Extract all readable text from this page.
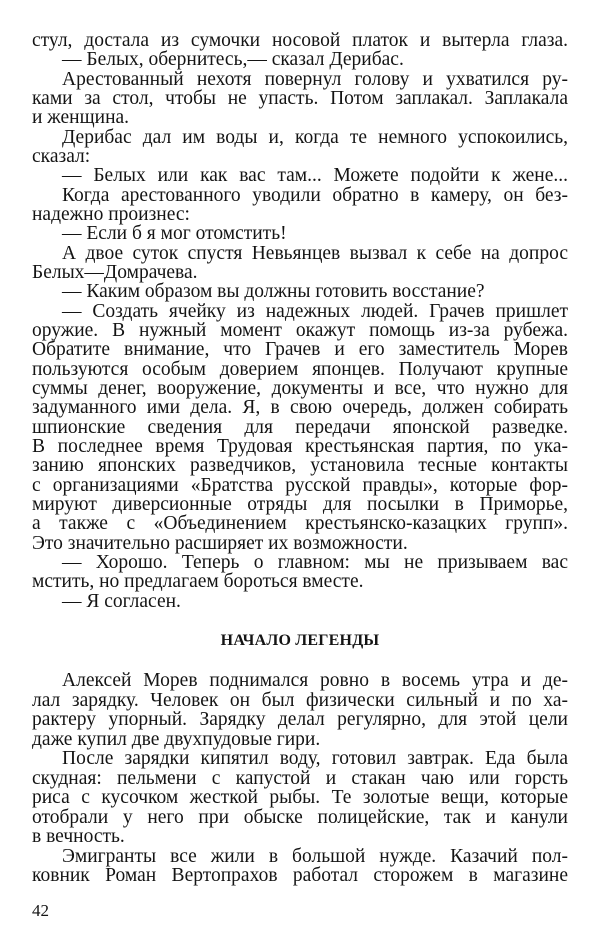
стул, достала из сумочки носовой платок и вытерла глаза.
— Белых, обернитесь,— сказал Дерибас.
Арестованный нехотя повернул голову и ухватился ру-
ками за стол, чтобы не упасть. Потом заплакал. Заплакала
и женщина.
Дерибас дал им воды и, когда те немного успокоились,
сказал:
— Белых или как вас там... Можете подойти к жене...
Когда арестованного уводили обратно в камеру, он без-
надежно произнес:
— Если б я мог отомстить!
А двое суток спустя Невьянцев вызвал к себе на допрос
Белых—Домрачева.
— Каким образом вы должны готовить восстание?
— Создать ячейку из надежных людей. Грачев пришлет
оружие. В нужный момент окажут помощь из-за рубежа.
Обратите внимание, что Грачев и его заместитель Морев
пользуются особым доверием японцев. Получают крупные
суммы денег, вооружение, документы и все, что нужно для
задуманного ими дела. Я, в свою очередь, должен собирать
шпионские сведения для передачи японской разведке.
В последнее время Трудовая крестьянская партия, по ука-
занию японских разведчиков, установила тесные контакты
с организациями «Братства русской правды», которые фор-
мируют диверсионные отряды для посылки в Приморье,
а также с «Объединением крестьянско-казацких групп».
Это значительно расширяет их возможности.
— Хорошо. Теперь о главном: мы не призываем вас
мстить, но предлагаем бороться вместе.
— Я согласен.
НАЧАЛО ЛЕГЕНДЫ
Алексей Морев поднимался ровно в восемь утра и де-
лал зарядку. Человек он был физически сильный и по ха-
рактеру упорный. Зарядку делал регулярно, для этой цели
даже купил две двухпудовые гири.
После зарядки кипятил воду, готовил завтрак. Еда была
скудная: пельмени с капустой и стакан чаю или горсть
риса с кусочком жесткой рыбы. Те золотые вещи, которые
отобрали у него при обыске полицейские, так и канули
в вечность.
Эмигранты все жили в большой нужде. Казачий пол-
ковник Роман Вертопрахов работал сторожем в магазине
42
